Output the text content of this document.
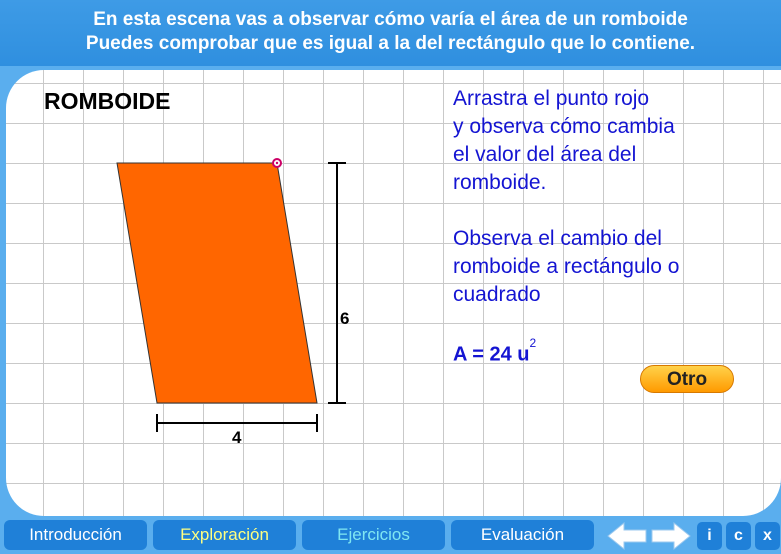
En esta escena vas a observar cómo varía el área de un romboide
Puedes comprobar que es igual a la del rectángulo que lo contiene.
ROMBOIDE
6
4
Arrastra el punto rojo
y observa cómo cambia
el valor del área del
romboide.
Observa el cambio del
romboide a rectángulo o
cuadrado
A = 24 $u^2$
Otro
Introducción	Exploración	Ejercicios	Evaluación	i	c	x
